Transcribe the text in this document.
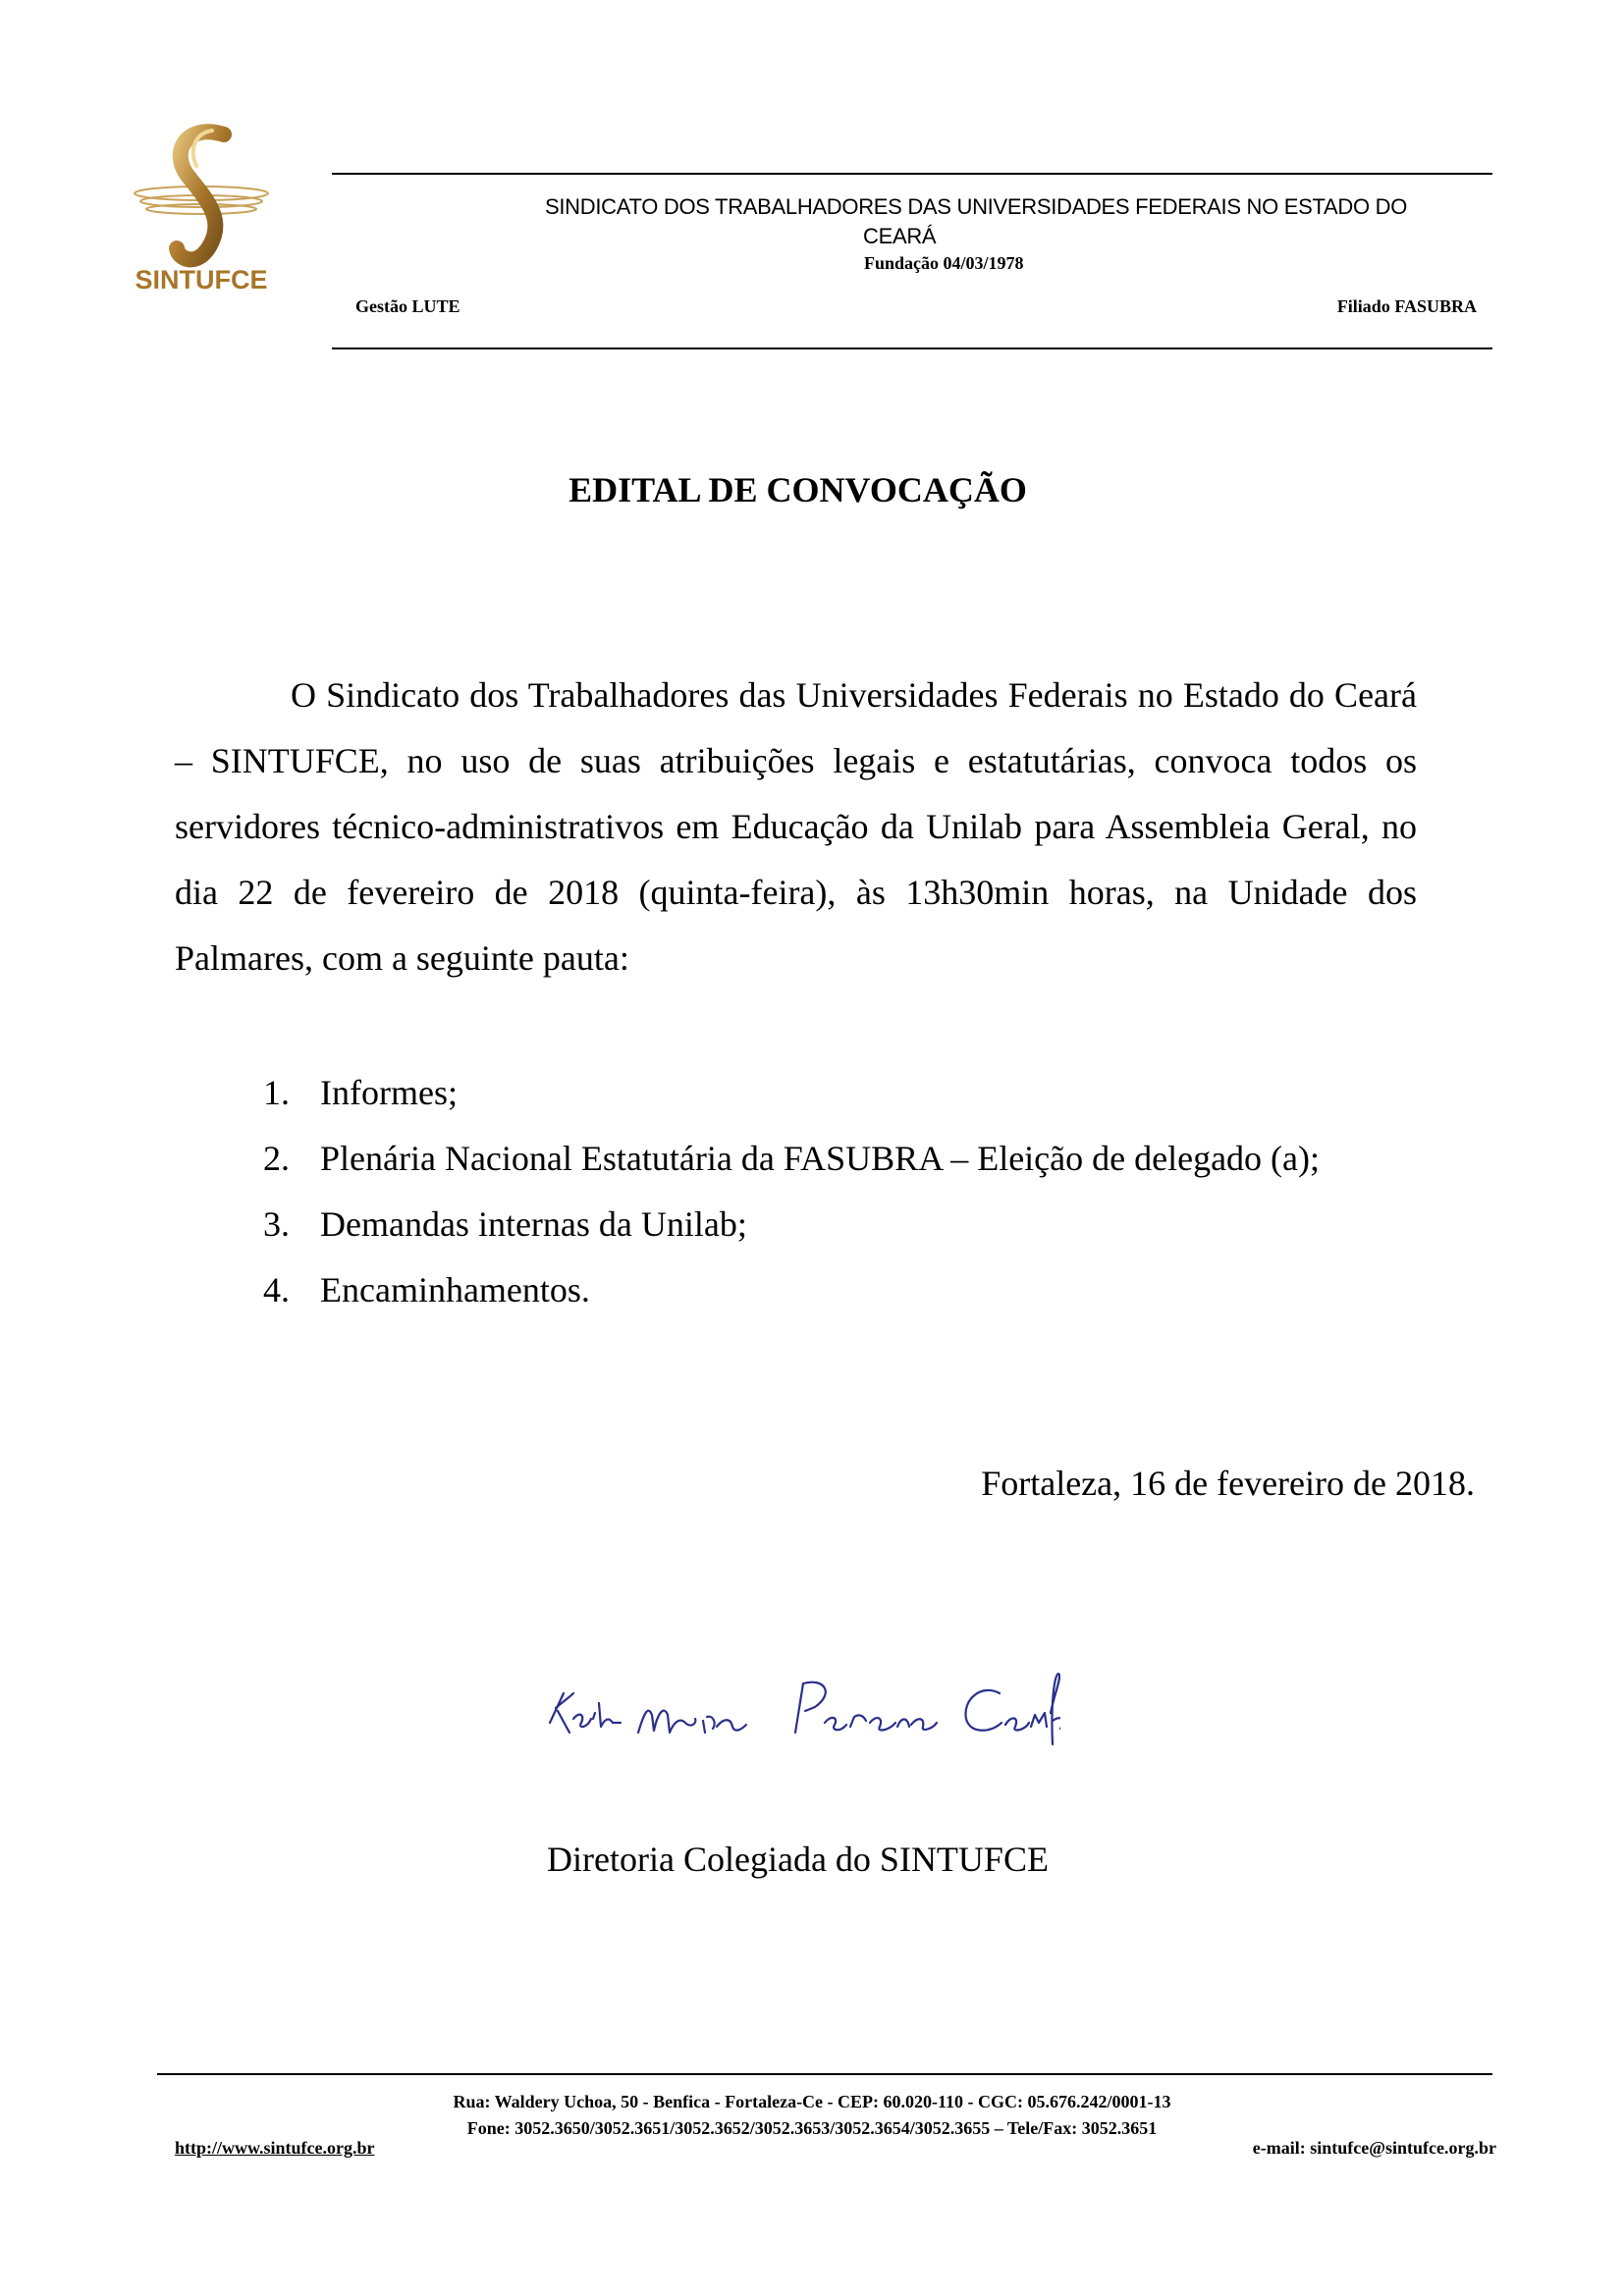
SINTUFCE
SINDICATO DOS TRABALHADORES DAS UNIVERSIDADES FEDERAIS NO ESTADO DO
CEARÁ
Fundação 04/03/1978
Gestão LUTE	Filiado FASUBRA
EDITAL DE CONVOCAÇÃO

O Sindicato dos Trabalhadores das Universidades Federais no Estado do Ceará – SINTUFCE, no uso de suas atribuições legais e estatutárias, convoca todos os servidores técnico-administrativos em Educação da Unilab para Assembleia Geral, no dia 22 de fevereiro de 2018 (quinta-feira), às 13h30min horas, na Unidade dos Palmares, com a seguinte pauta:

1. Informes;
2. Plenária Nacional Estatutária da FASUBRA – Eleição de delegado (a);
3. Demandas internas da Unilab;
4. Encaminhamentos.
Fortaleza, 16 de fevereiro de 2018.
Diretoria Colegiada do SINTUFCE
Rua: Waldery Uchoa, 50 - Benfica - Fortaleza-Ce - CEP: 60.020-110 - CGC: 05.676.242/0001-13
Fone: 3052.3650/3052.3651/3052.3652/3052.3653/3052.3654/3052.3655 – Tele/Fax: 3052.3651
http://www.sintufce.org.br	e-mail: sintufce@sintufce.org.br
